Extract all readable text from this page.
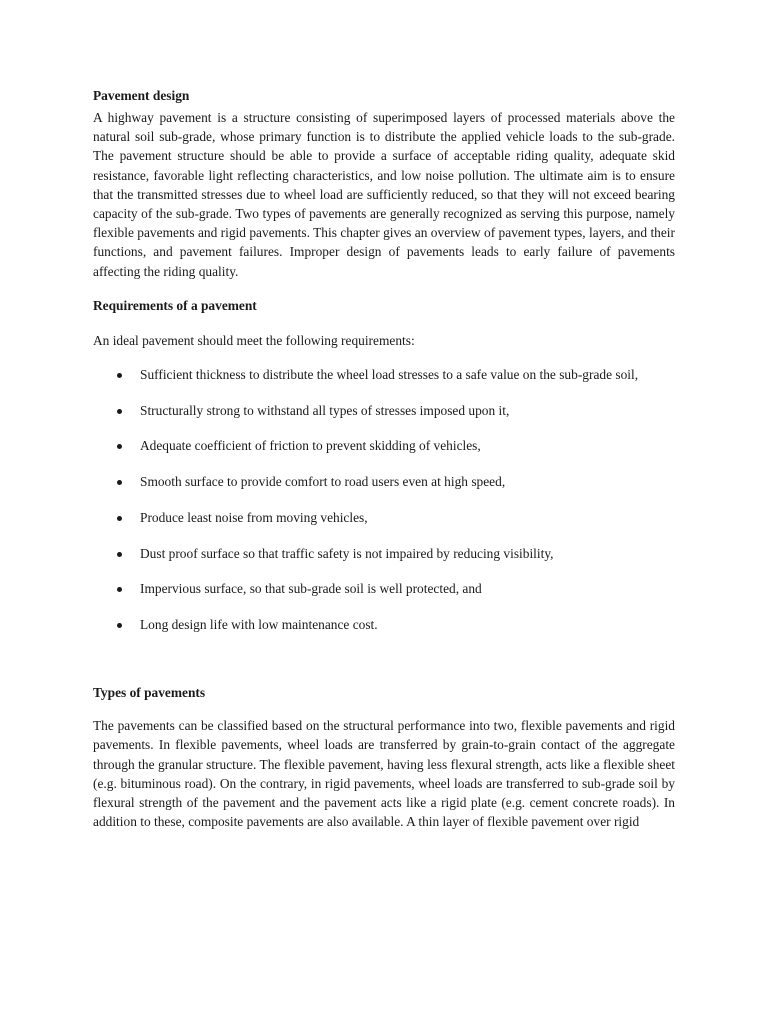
Pavement design

A highway pavement is a structure consisting of superimposed layers of processed materials above the natural soil sub-grade, whose primary function is to distribute the applied vehicle loads to the sub-grade. The pavement structure should be able to provide a surface of acceptable riding quality, adequate skid resistance, favorable light reflecting characteristics, and low noise pollution. The ultimate aim is to ensure that the transmitted stresses due to wheel load are sufficiently reduced, so that they will not exceed bearing capacity of the sub-grade. Two types of pavements are generally recognized as serving this purpose, namely flexible pavements and rigid pavements. This chapter gives an overview of pavement types, layers, and their functions, and pavement failures. Improper design of pavements leads to early failure of pavements affecting the riding quality.

Requirements of a pavement

An ideal pavement should meet the following requirements:

Sufficient thickness to distribute the wheel load stresses to a safe value on the sub-grade soil,
Structurally strong to withstand all types of stresses imposed upon it,
Adequate coefficient of friction to prevent skidding of vehicles,
Smooth surface to provide comfort to road users even at high speed,
Produce least noise from moving vehicles,
Dust proof surface so that traffic safety is not impaired by reducing visibility,
Impervious surface, so that sub-grade soil is well protected, and
Long design life with low maintenance cost.

Types of pavements

The pavements can be classified based on the structural performance into two, flexible pavements and rigid pavements. In flexible pavements, wheel loads are transferred by grain-to-grain contact of the aggregate through the granular structure. The flexible pavement, having less flexural strength, acts like a flexible sheet (e.g. bituminous road). On the contrary, in rigid pavements, wheel loads are transferred to sub-grade soil by flexural strength of the pavement and the pavement acts like a rigid plate (e.g. cement concrete roads). In addition to these, composite pavements are also available. A thin layer of flexible pavement over rigid
